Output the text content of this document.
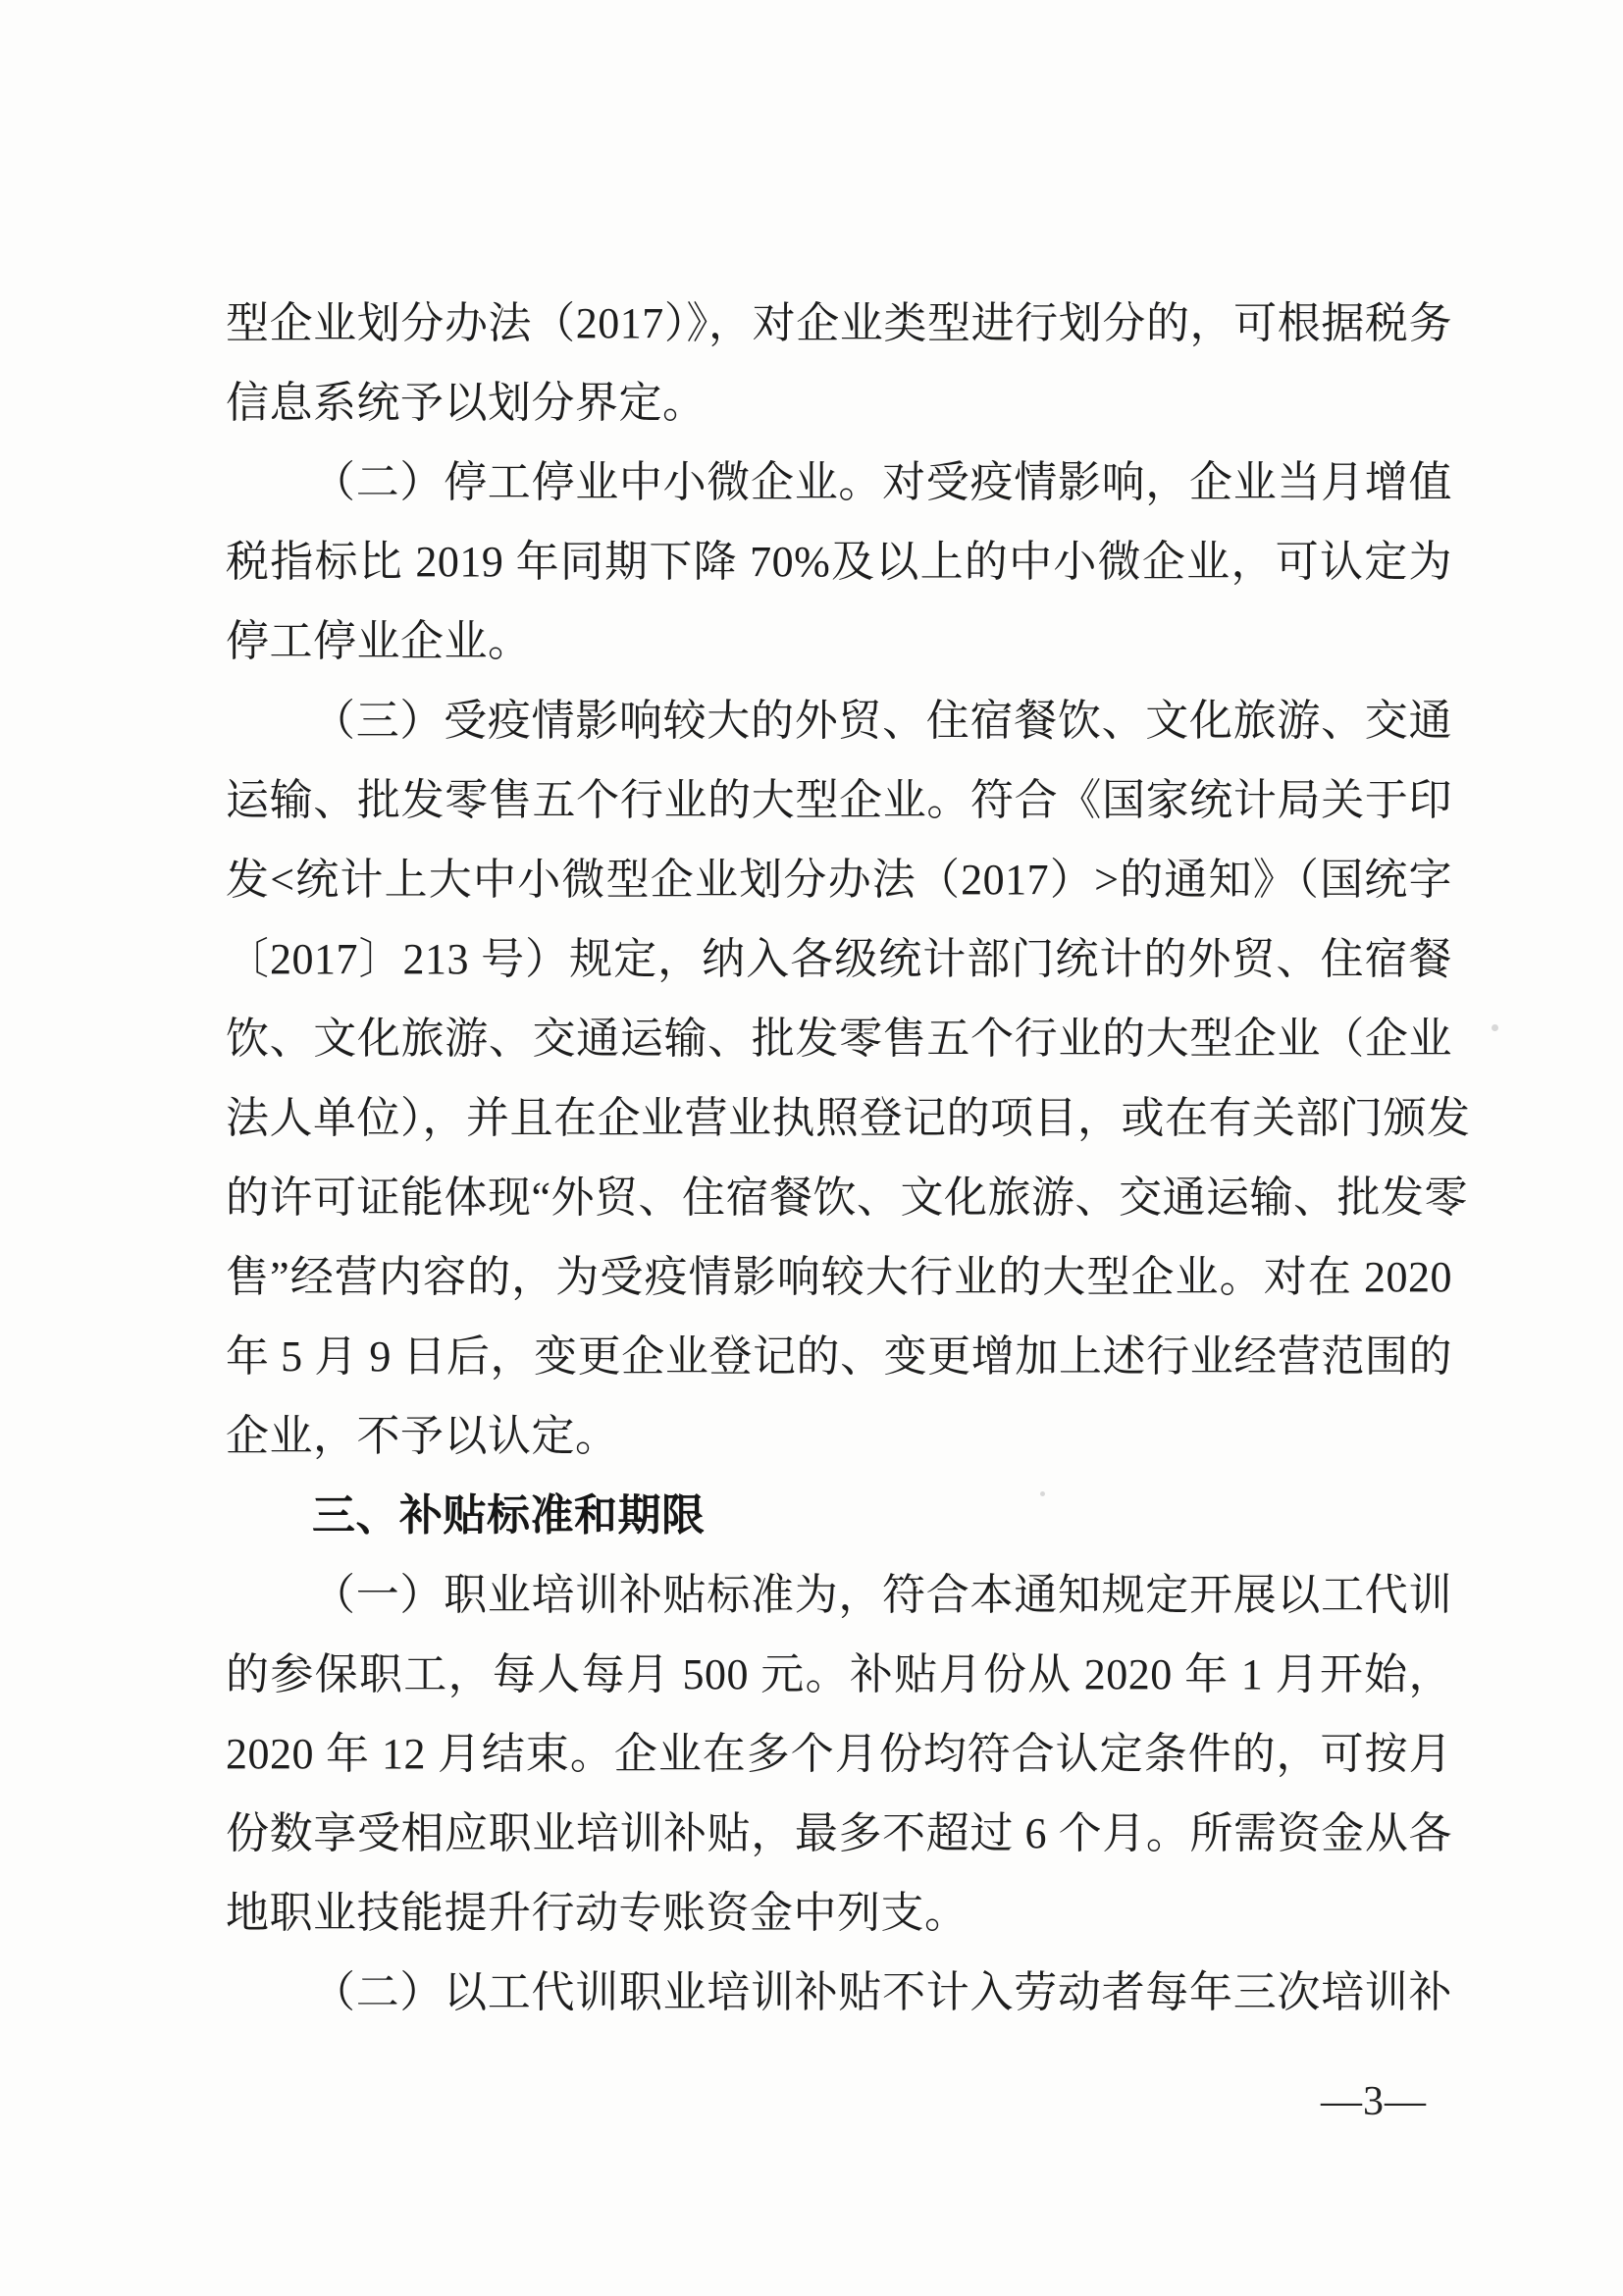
型企业划分办法（2017）》，对企业类型进行划分的，可根据税务
信息系统予以划分界定。
（二）停工停业中小微企业。对受疫情影响，企业当月增值
税指标比 2019 年同期下降 70%及以上的中小微企业，可认定为
停工停业企业。
（三）受疫情影响较大的外贸、住宿餐饮、文化旅游、交通
运输、批发零售五个行业的大型企业。符合《国家统计局关于印
发<统计上大中小微型企业划分办法（2017）>的通知》（国统字
〔2017〕213 号）规定，纳入各级统计部门统计的外贸、住宿餐
饮、文化旅游、交通运输、批发零售五个行业的大型企业（企业
法人单位），并且在企业营业执照登记的项目，或在有关部门颁发
的许可证能体现“外贸、住宿餐饮、文化旅游、交通运输、批发零
售”经营内容的，为受疫情影响较大行业的大型企业。对在 2020
年 5 月 9 日后，变更企业登记的、变更增加上述行业经营范围的
企业，不予以认定。
三、补贴标准和期限
（一）职业培训补贴标准为，符合本通知规定开展以工代训
的参保职工，每人每月 500 元。补贴月份从 2020 年 1 月开始，
2020 年 12 月结束。企业在多个月份均符合认定条件的，可按月
份数享受相应职业培训补贴，最多不超过 6 个月。所需资金从各
地职业技能提升行动专账资金中列支。
（二）以工代训职业培训补贴不计入劳动者每年三次培训补
—3—
